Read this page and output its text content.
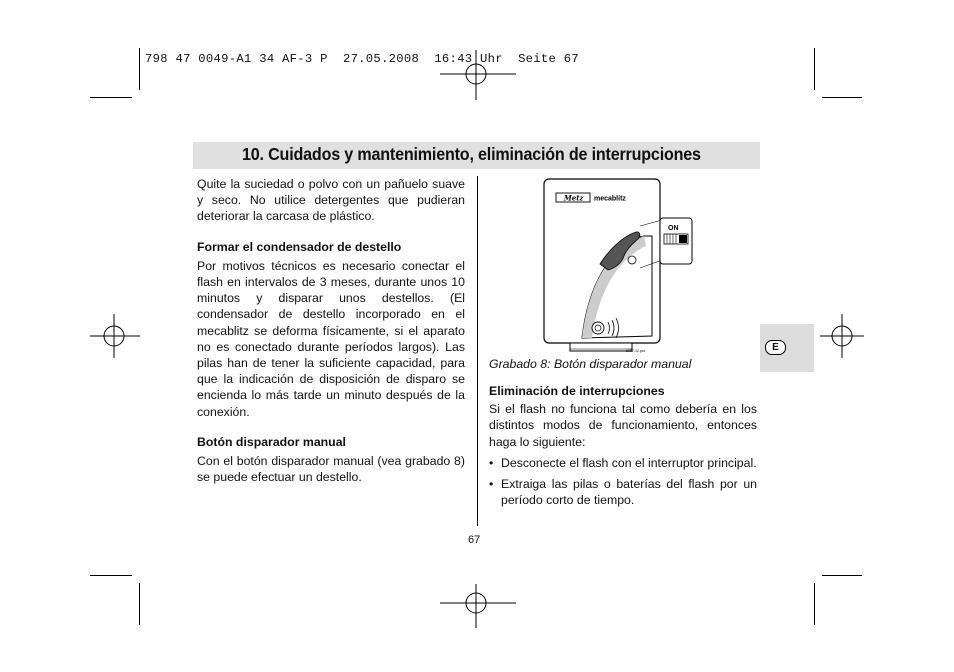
798 47 0049-A1 34 AF-3 P  27.05.2008  16:43 Uhr  Seite 67
10. Cuidados y mantenimiento, eliminación de interrupciones

Quite la suciedad o polvo con un pañuelo suave y seco. No utilice detergentes que pudieran deteriorar la carcasa de plástico.

Formar el condensador de destello

Por motivos técnicos es necesario conectar el flash en intervalos de 3 meses, durante unos 10 minutos y disparar unos destellos. (El condensador de destello incorporado en el mecablitz se deforma físicamente, si el aparato no es conectado durante períodos largos). Las pilas han de tener la suficiente capacidad, para que la indicación de disposición de disparo se encienda lo más tarde un minuto después de la conexión.

Botón disparador manual

Con el botón disparador manual (vea grabado 8) se puede efectuar un destello.

Metz mecablitz
ϟ
ON
6087-12.pcx
Grabado 8: Botón disparador manual

Eliminación de interrupciones

Si el flash no funciona tal como debería en los distintos modos de funcionamiento, entonces haga lo siguiente:

• Desconecte el flash con el interruptor principal.
• Extraiga las pilas o baterías del flash por un período corto de tiempo.
67
E
